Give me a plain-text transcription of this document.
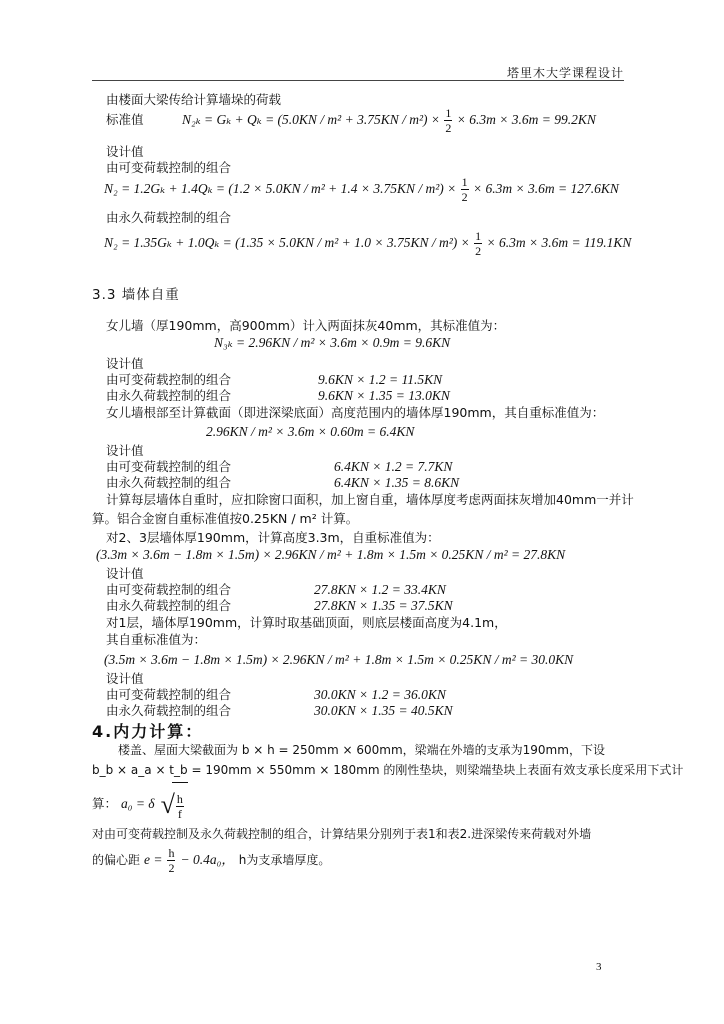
塔里木大学课程设计
由楼面大梁传给计算墙垛的荷载
标准值	$N_{2k} = G_k + Q_k = (5.0KN / m^2 + 3.75KN / m^2) \times \frac{1}{2} \times 6.3m \times 3.6m = 99.2KN$
设计值
由可变荷载控制的组合
$N_2 = 1.2G_k + 1.4Q_k = (1.2 \times 5.0KN / m^2 + 1.4 \times 3.75KN / m^2) \times \frac{1}{2} \times 6.3m \times 3.6m = 127.6KN$
由永久荷载控制的组合
$N_2 = 1.35G_k + 1.0Q_k = (1.35 \times 5.0KN / m^2 + 1.0 \times 3.75KN / m^2) \times \frac{1}{2} \times 6.3m \times 3.6m = 119.1KN$
3.3 墙体自重
女儿墙（厚190mm，高900mm）计入两面抹灰40mm，其标准值为：
N₃ₖ = 2.96KN / m² × 3.6m × 0.9m = 9.6KN
设计值
由可变荷载控制的组合	9.6KN × 1.2 = 11.5KN
由永久荷载控制的组合	9.6KN × 1.35 = 13.0KN
女儿墙根部至计算截面（即进深梁底面）高度范围内的墙体厚190mm，其自重标准值为：
2.96KN / m² × 3.6m × 0.60m = 6.4KN
设计值
由可变荷载控制的组合	6.4KN × 1.2 = 7.7KN
由永久荷载控制的组合	6.4KN × 1.35 = 8.6KN
计算每层墙体自重时，应扣除窗口面积，加上窗自重，墙体厚度考虑两面抹灰增加40mm一并计
算。铝合金窗自重标准值按0.25KN / m² 计算。
对2、3层墙体厚190mm，计算高度3.3m，自重标准值为：
(3.3m × 3.6m − 1.8m × 1.5m) × 2.96KN / m² + 1.8m × 1.5m × 0.25KN / m² = 27.8KN
设计值
由可变荷载控制的组合	27.8KN × 1.2 = 33.4KN
由永久荷载控制的组合	27.8KN × 1.35 = 37.5KN
对1层，墙体厚190mm，计算时取基础顶面，则底层楼面高度为4.1m，
其自重标准值为：
(3.5m × 3.6m − 1.8m × 1.5m) × 2.96KN / m² + 1.8m × 1.5m × 0.25KN / m² = 30.0KN
设计值
由可变荷载控制的组合	30.0KN × 1.2 = 36.0KN
由永久荷载控制的组合	30.0KN × 1.35 = 40.5KN
4.内力计算：
楼盖、屋面大梁截面为 b × h = 250mm × 600mm，梁端在外墙的支承为190mm，下设
b_b × a_a × t_b = 190mm × 550mm × 180mm 的刚性垫块，则梁端垫块上表面有效支承长度采用下式计
算： a₀ = δ √ $\frac{h}{f}$
对由可变荷载控制及永久荷载控制的组合，计算结果分别列于表1和表2.进深梁传来荷载对外墙
的偏心距 $e = \frac{h}{2} - 0.4a_0$， h为支承墙厚度。
3
